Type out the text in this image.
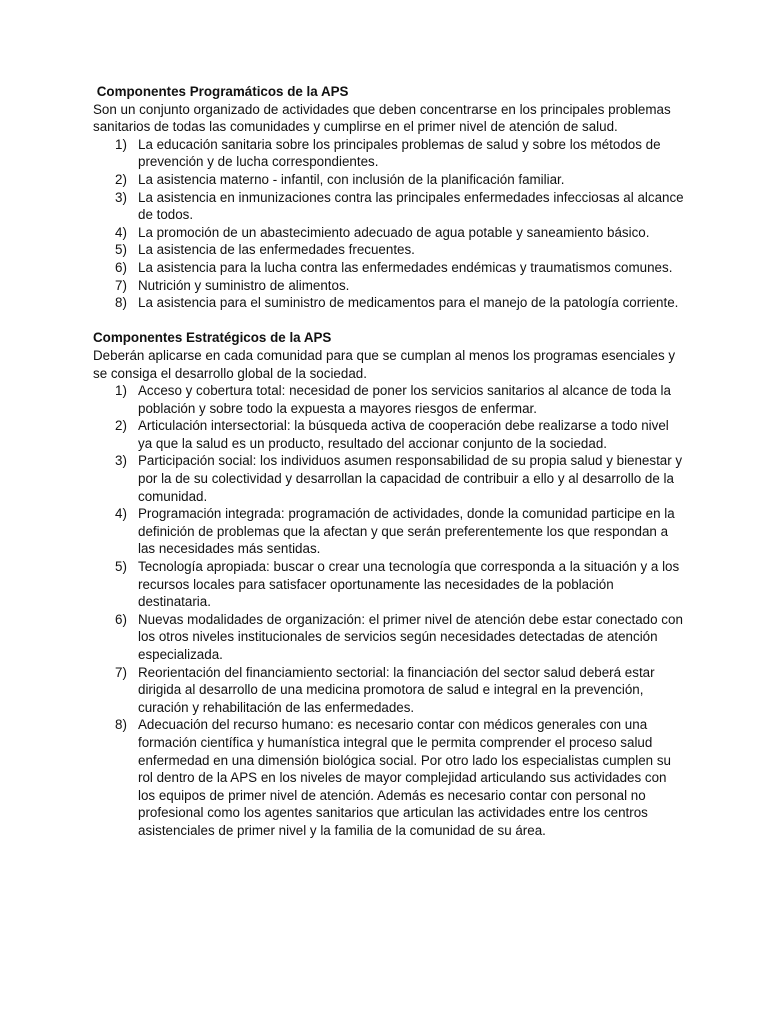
Componentes Programáticos de la APS

Son un conjunto organizado de actividades que deben concentrarse en los principales problemas sanitarios de todas las comunidades y cumplirse en el primer nivel de atención de salud.

1) La educación sanitaria sobre los principales problemas de salud y sobre los métodos de prevención y de lucha correspondientes.
2) La asistencia materno - infantil, con inclusión de la planificación familiar.
3) La asistencia en inmunizaciones contra las principales enfermedades infecciosas al alcance de todos.
4) La promoción de un abastecimiento adecuado de agua potable y saneamiento básico.
5) La asistencia de las enfermedades frecuentes.
6) La asistencia para la lucha contra las enfermedades endémicas y traumatismos comunes.
7) Nutrición y suministro de alimentos.
8) La asistencia para el suministro de medicamentos para el manejo de la patología corriente.

Componentes Estratégicos de la APS

Deberán aplicarse en cada comunidad para que se cumplan al menos los programas esenciales y se consiga el desarrollo global de la sociedad.

1) Acceso y cobertura total: necesidad de poner los servicios sanitarios al alcance de toda la población y sobre todo la expuesta a mayores riesgos de enfermar.
2) Articulación intersectorial: la búsqueda activa de cooperación debe realizarse a todo nivel ya que la salud es un producto, resultado del accionar conjunto de la sociedad.
3) Participación social: los individuos asumen responsabilidad de su propia salud y bienestar y por la de su colectividad y desarrollan la capacidad de contribuir a ello y al desarrollo de la comunidad.
4) Programación integrada: programación de actividades, donde la comunidad participe en la definición de problemas que la afectan y que serán preferentemente los que respondan a las necesidades más sentidas.
5) Tecnología apropiada: buscar o crear una tecnología que corresponda a la situación y a los recursos locales para satisfacer oportunamente las necesidades de la población destinataria.
6) Nuevas modalidades de organización: el primer nivel de atención debe estar conectado con los otros niveles institucionales de servicios según necesidades detectadas de atención especializada.
7) Reorientación del financiamiento sectorial: la financiación del sector salud deberá estar dirigida al desarrollo de una medicina promotora de salud e integral en la prevención, curación y rehabilitación de las enfermedades.
8) Adecuación del recurso humano: es necesario contar con médicos generales con una formación científica y humanística integral que le permita comprender el proceso salud enfermedad en una dimensión biológica social. Por otro lado los especialistas cumplen su rol dentro de la APS en los niveles de mayor complejidad articulando sus actividades con los equipos de primer nivel de atención. Además es necesario contar con personal no profesional como los agentes sanitarios que articulan las actividades entre los centros asistenciales de primer nivel y la familia de la comunidad de su área.
